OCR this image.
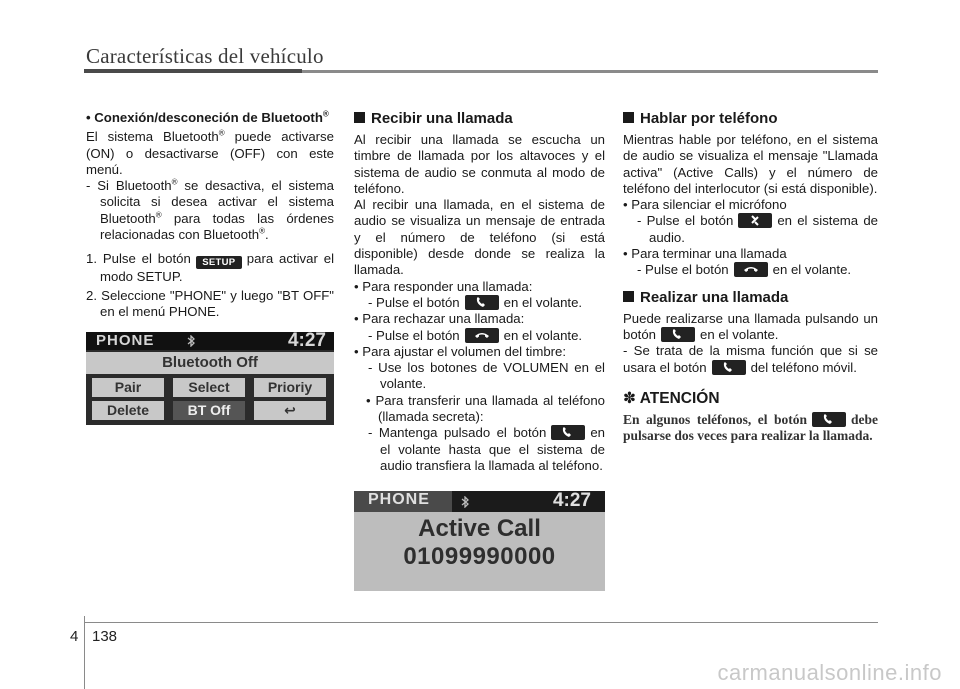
Características del vehículo
• Conexión/desconeción de Bluetooth®
El sistema Bluetooth® puede activarse (ON) o desactivarse (OFF) con este menú.
- Si Bluetooth® se desactiva, el sistema solicita si desea activar el sistema Bluetooth® para todas las órdenes relacionadas con Bluetooth®.
1. Pulse el botón SETUP para activar el modo SETUP.
2. Seleccione "PHONE" y luego "BT OFF" en el menú PHONE.
PHONE	4:27
Bluetooth Off
Pair	Select	Prioriy
Delete	BT Off	↩
Recibir una llamada
Al recibir una llamada se escucha un timbre de llamada por los altavoces y el sistema de audio se conmuta al modo de teléfono.
Al recibir una llamada, en el sistema de audio se visualiza un mensaje de entrada y el número de teléfono (si está disponible) desde donde se realiza la llamada.
• Para responder una llamada:
- Pulse el botón	en el volante.
• Para rechazar una llamada:
- Pulse el botón	en el volante.
• Para ajustar el volumen del timbre:
- Use los botones de VOLUMEN en el volante.
• Para transferir una llamada al teléfono (llamada secreta):
- Mantenga pulsado el botón	en el volante hasta que el sistema de audio transfiera la llamada al teléfono.
PHONE	4:27
Active Call
01099990000
Hablar por teléfono
Mientras hable por teléfono, en el sistema de audio se visualiza el mensaje "Llamada activa" (Active Calls) y el número de teléfono del interlocutor (si está disponible).
• Para silenciar el micrófono
- Pulse el botón	en el sistema de audio.
• Para terminar una llamada
- Pulse el botón	en el volante.
Realizar una llamada
Puede realizarse una llamada pulsando un botón	en el volante.
- Se trata de la misma función que si se usara el botón	del teléfono móvil.
✽ ATENCIÓN
En algunos teléfonos, el botón	debe pulsarse dos veces para realizar la llamada.
4 138
carmanualsonline.info
